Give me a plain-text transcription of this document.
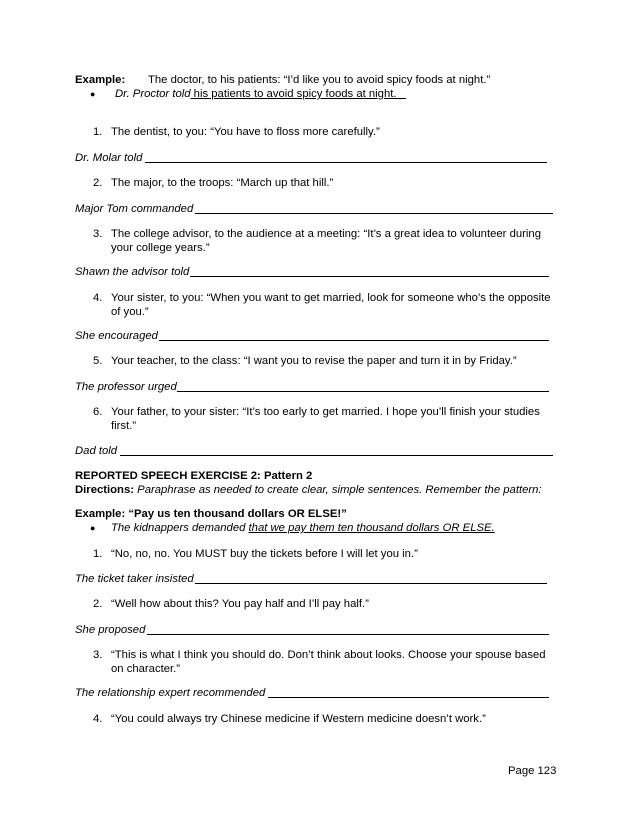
Example: The doctor, to his patients: “I’d like you to avoid spicy foods at night.”
● Dr. Proctor told his patients to avoid spicy foods at night.
1. The dentist, to you: “You have to floss more carefully.”
Dr. Molar told
2. The major, to the troops: “March up that hill.”
Major Tom commanded
3. The college advisor, to the audience at a meeting: “It’s a great idea to volunteer during your college years.”
Shawn the advisor told
4. Your sister, to you: “When you want to get married, look for someone who’s the opposite of you.”
She encouraged
5. Your teacher, to the class: “I want you to revise the paper and turn it in by Friday.”
The professor urged
6. Your father, to your sister: “It’s too early to get married. I hope you’ll finish your studies first.”
Dad told
REPORTED SPEECH EXERCISE 2: Pattern 2
Directions: Paraphrase as needed to create clear, simple sentences. Remember the pattern:
Example: “Pay us ten thousand dollars OR ELSE!”
● The kidnappers demanded that we pay them ten thousand dollars OR ELSE.
1. “No, no, no. You MUST buy the tickets before I will let you in.”
The ticket taker insisted
2. “Well how about this? You pay half and I’ll pay half.”
She proposed
3. “This is what I think you should do. Don’t think about looks. Choose your spouse based on character.”
The relationship expert recommended
4. “You could always try Chinese medicine if Western medicine doesn’t work.”
Page 123
